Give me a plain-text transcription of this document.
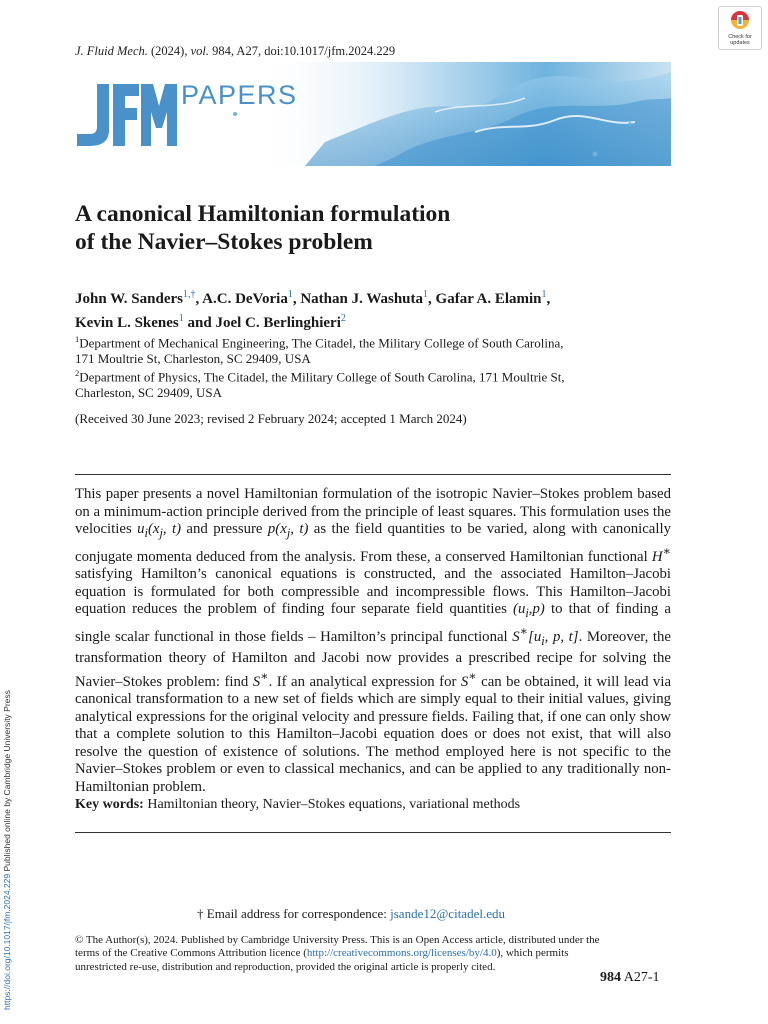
J. Fluid Mech. (2024), vol. 984, A27, doi:10.1017/jfm.2024.229
Check for
updates
PAPERS
A canonical Hamiltonian formulation
of the Navier–Stokes problem
John W. Sanders$^{1,\dagger}$, A.C. DeVoria$^1$, Nathan J. Washuta$^1$, Gafar A. Elamin$^1$,
Kevin L. Skenes$^1$ and Joel C. Berlinghieri$^2$
$^1$Department of Mechanical Engineering, The Citadel, the Military College of South Carolina,
171 Moultrie St, Charleston, SC 29409, USA
$^2$Department of Physics, The Citadel, the Military College of South Carolina, 171 Moultrie St,
Charleston, SC 29409, USA
(Received 30 June 2023; revised 2 February 2024; accepted 1 March 2024)
This paper presents a novel Hamiltonian formulation of the isotropic Navier–Stokes problem based on a minimum-action principle derived from the principle of least squares. This formulation uses the velocities $u_i(x_j$, t) and pressure $p(x_j$, t) as the field quantities to be varied, along with canonically conjugate momenta deduced from the analysis. From these, a conserved Hamiltonian functional H∗ satisfying Hamilton’s canonical equations is constructed, and the associated Hamilton–Jacobi equation is formulated for both compressible and incompressible flows. This Hamilton–Jacobi equation reduces the problem of finding four separate field quantities $(u_i,p)$ to that of finding a single scalar functional in those fields – Hamilton’s principal functional $S^∗[u_i$, p, t]. Moreover, the transformation theory of Hamilton and Jacobi now provides a prescribed recipe for solving the Navier–Stokes problem: find S∗. If an analytical expression for S∗ can be obtained, it will lead via canonical transformation to a new set of fields which are simply equal to their initial values, giving analytical expressions for the original velocity and pressure fields. Failing that, if one can only show that a complete solution to this Hamilton–Jacobi equation does or does not exist, that will also resolve the question of existence of solutions. The method employed here is not specific to the Navier–Stokes problem or even to classical mechanics, and can be applied to any traditionally non-Hamiltonian problem.
Key words: Hamiltonian theory, Navier–Stokes equations, variational methods
† Email address for correspondence: jsande12@citadel.edu
© The Author(s), 2024. Published by Cambridge University Press. This is an Open Access article, distributed under the terms of the Creative Commons Attribution licence (http://creativecommons.org/licenses/by/4.0), which permits unrestricted re-use, distribution and reproduction, provided the original article is properly cited.
984 A27-1
https://doi.org/10.1017/jfm.2024.229 Published online by Cambridge University Press
